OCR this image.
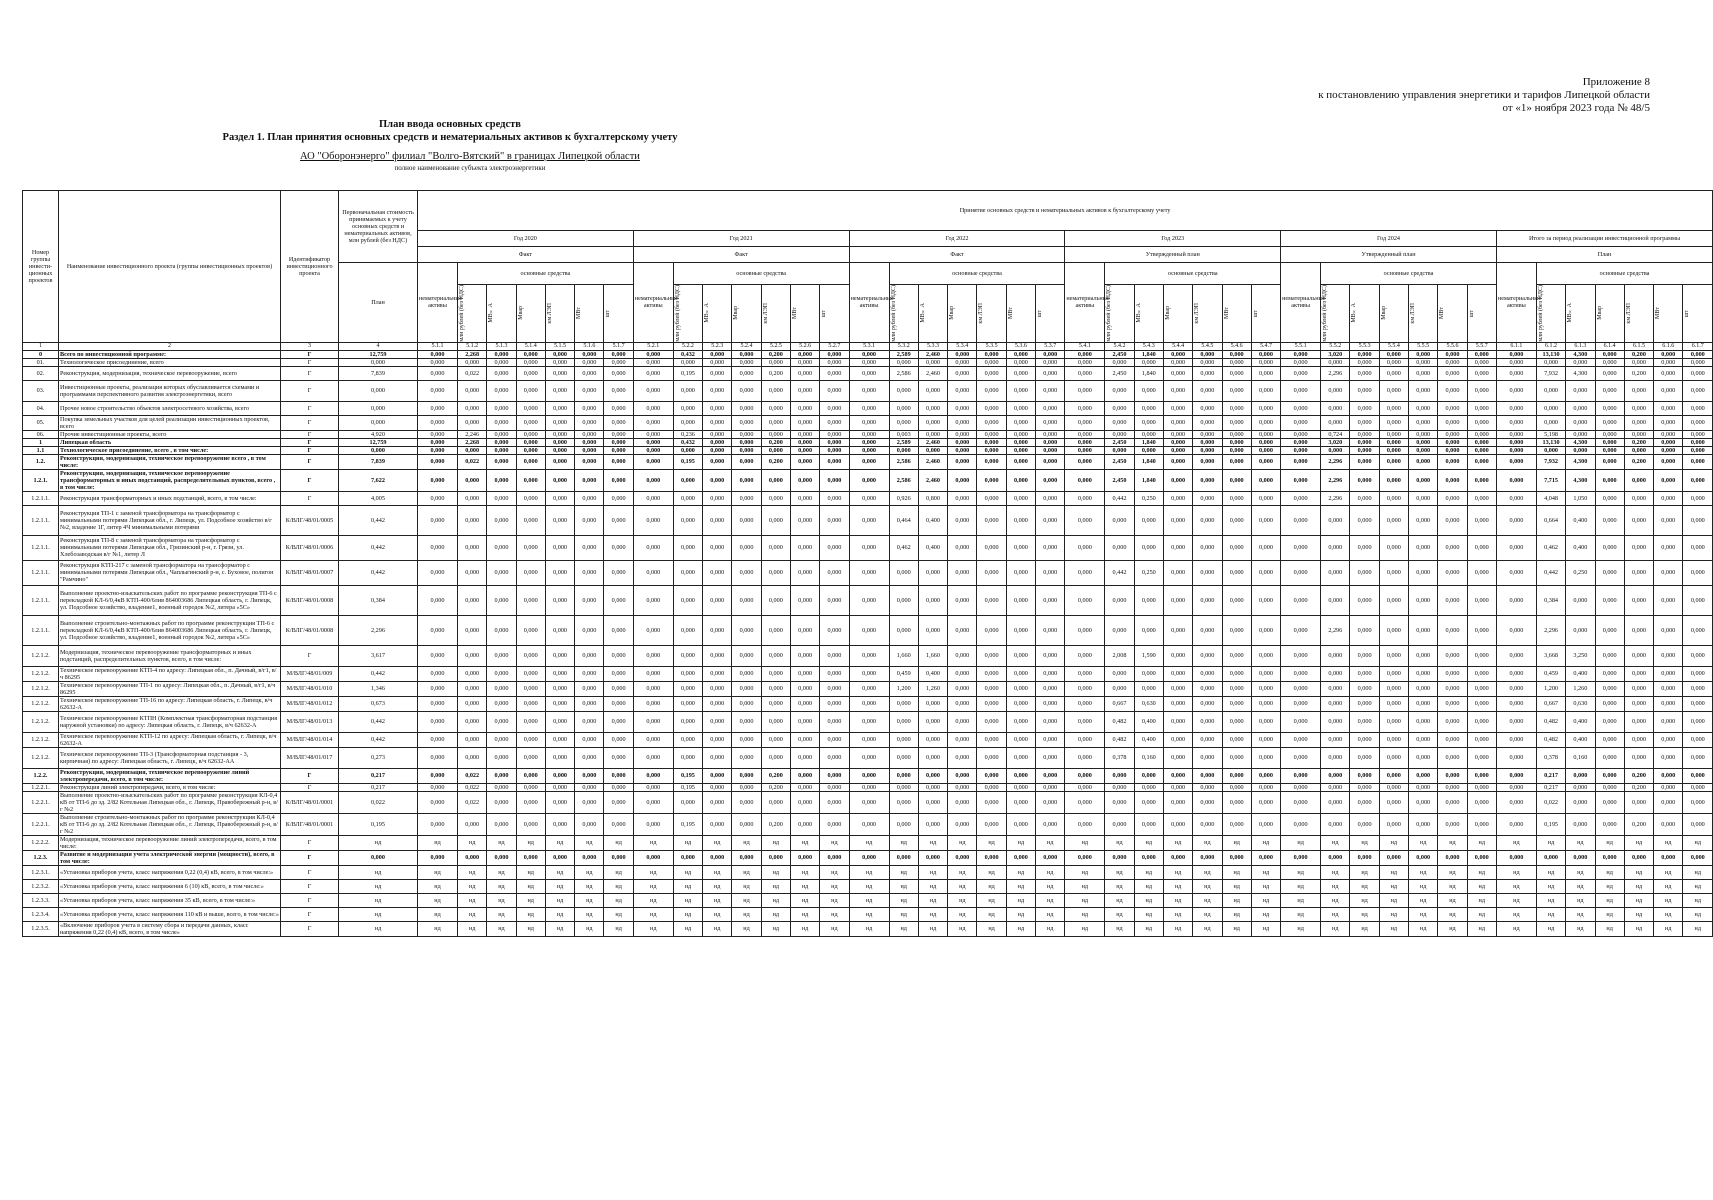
Приложение 8
к постановлению управления энергетики и тарифов Липецкой области
от «1» ноября 2023 года № 48/5
План ввода основных средств
Раздел 1. План принятия основных средств и нематериальных активов к бухгалтерскому учету
АО "Оборонэнерго" филиал "Волго-Вятский" в границах Липецкой области
полное наименование субъекта электроэнергетики
Номер группы инвести-ционных проектов	Наименование инвестиционного проекта (группы инвестиционных проектов)	Идентификатор инвестиционного проекта	Первоначальная стоимость принимаемых к учету основных средств и нематериальных активов, млн рублей (без НДС)	Принятие основных средств и нематериальных активов к бухгалтерскому учету																																									
				Год 2020							Год 2021							Год 2022							Год 2023							Год 2024							Итого за период реализации инвестиционной программы						
				Факт							Факт							Факт							Утвержденный план							Утвержденный план							План						
			План	нематериальные активы	основные средства						нематериальные активы	основные средства						нематериальные активы	основные средства						нематериальные активы	основные средства						нематериальные активы	основные средства						нематериальные активы	основные средства					

					млн рублей (без НДС)	МВ×А	Мвар	км ЛЭП	МВт	шт		млн рублей (без НДС)	МВ×А	Мвар	км ЛЭП	МВт	шт		млн рублей (без НДС)	МВ×А	Мвар	км ЛЭП	МВт	шт		млн рублей (без НДС)	МВ×А	Мвар	км ЛЭП	МВт	шт		млн рублей (без НДС)	МВ×А	Мвар	км ЛЭП	МВт	шт		млн рублей (без НДС)	МВ×А	Мвар	км ЛЭП	МВт	шт

1	2	3	4	5.1.1	5.1.2	5.1.3	5.1.4	5.1.5	5.1.6	5.1.7	5.2.1	5.2.2	5.2.3	5.2.4	5.2.5	5.2.6	5.2.7	5.3.1	5.3.2	5.3.3	5.3.4	5.3.5	5.3.6	5.3.7	5.4.1	5.4.2	5.4.3	5.4.4	5.4.5	5.4.6	5.4.7	5.5.1	5.5.2	5.5.3	5.5.4	5.5.5	5.5.6	5.5.7	6.1.1	6.1.2	6.1.3	6.1.4	6.1.5	6.1.6	6.1.7
0	Всего по инвестиционной программе:	Г	12,759	0,000	2,268	0,000	0,000	0,000	0,000	0,000	0,000	0,432	0,000	0,000	0,200	0,000	0,000	0,000	2,589	2,460	0,000	0,000	0,000	0,000	0,000	2,450	1,840	0,000	0,000	0,000	0,000	0,000	3,020	0,000	0,000	0,000	0,000	0,000	0,000	13,130	4,300	0,000	0,200	0,000	0,000
01.	Технологическое присоединение, всего	Г	0,000	0,000	0,000	0,000	0,000	0,000	0,000	0,000	0,000	0,000	0,000	0,000	0,000	0,000	0,000	0,000	0,000	0,000	0,000	0,000	0,000	0,000	0,000	0,000	0,000	0,000	0,000	0,000	0,000	0,000	0,000	0,000	0,000	0,000	0,000	0,000	0,000	0,000	0,000	0,000	0,000	0,000	0,000
02.	Реконструкция, модернизация, техническое перевооружение, всего	Г	7,839	0,000	0,022	0,000	0,000	0,000	0,000	0,000	0,000	0,195	0,000	0,000	0,200	0,000	0,000	0,000	2,586	2,460	0,000	0,000	0,000	0,000	0,000	2,450	1,840	0,000	0,000	0,000	0,000	0,000	2,296	0,000	0,000	0,000	0,000	0,000	0,000	7,932	4,300	0,000	0,200	0,000	0,000
03.	Инвестиционные проекты, реализация которых обуславливается схемами и программами перспективного развития электроэнергетики, всего	Г	0,000	0,000	0,000	0,000	0,000	0,000	0,000	0,000	0,000	0,000	0,000	0,000	0,000	0,000	0,000	0,000	0,000	0,000	0,000	0,000	0,000	0,000	0,000	0,000	0,000	0,000	0,000	0,000	0,000	0,000	0,000	0,000	0,000	0,000	0,000	0,000	0,000	0,000	0,000	0,000	0,000	0,000	0,000
04.	Прочее новое строительство объектов электросетевого хозяйства, всего	Г	0,000	0,000	0,000	0,000	0,000	0,000	0,000	0,000	0,000	0,000	0,000	0,000	0,000	0,000	0,000	0,000	0,000	0,000	0,000	0,000	0,000	0,000	0,000	0,000	0,000	0,000	0,000	0,000	0,000	0,000	0,000	0,000	0,000	0,000	0,000	0,000	0,000	0,000	0,000	0,000	0,000	0,000	0,000
05.	Покупка земельных участков для целей реализации инвестиционных проектов, всего	Г	0,000	0,000	0,000	0,000	0,000	0,000	0,000	0,000	0,000	0,000	0,000	0,000	0,000	0,000	0,000	0,000	0,000	0,000	0,000	0,000	0,000	0,000	0,000	0,000	0,000	0,000	0,000	0,000	0,000	0,000	0,000	0,000	0,000	0,000	0,000	0,000	0,000	0,000	0,000	0,000	0,000	0,000	0,000
06.	Прочие инвестиционные проекты, всего	Г	4,920	0,000	2,246	0,000	0,000	0,000	0,000	0,000	0,000	0,236	0,000	0,000	0,000	0,000	0,000	0,000	0,003	0,000	0,000	0,000	0,000	0,000	0,000	0,000	0,000	0,000	0,000	0,000	0,000	0,000	0,724	0,000	0,000	0,000	0,000	0,000	0,000	5,198	0,000	0,000	0,000	0,000	0,000
1	Липецкая область	Г	12,759	0,000	2,268	0,000	0,000	0,000	0,000	0,000	0,000	0,432	0,000	0,000	0,200	0,000	0,000	0,000	2,589	2,460	0,000	0,000	0,000	0,000	0,000	2,450	1,840	0,000	0,000	0,000	0,000	0,000	3,020	0,000	0,000	0,000	0,000	0,000	0,000	13,130	4,300	0,000	0,200	0,000	0,000
1.1	Технологическое присоединение, всего , в том числе:	Г	0,000	0,000	0,000	0,000	0,000	0,000	0,000	0,000	0,000	0,000	0,000	0,000	0,000	0,000	0,000	0,000	0,000	0,000	0,000	0,000	0,000	0,000	0,000	0,000	0,000	0,000	0,000	0,000	0,000	0,000	0,000	0,000	0,000	0,000	0,000	0,000	0,000	0,000	0,000	0,000	0,000	0,000	0,000
1.2.	Реконструкция, модернизация, техническое перевооружение всего , в том числе:	Г	7,839	0,000	0,022	0,000	0,000	0,000	0,000	0,000	0,000	0,195	0,000	0,000	0,200	0,000	0,000	0,000	2,586	2,460	0,000	0,000	0,000	0,000	0,000	2,450	1,840	0,000	0,000	0,000	0,000	0,000	2,296	0,000	0,000	0,000	0,000	0,000	0,000	7,932	4,300	0,000	0,200	0,000	0,000
1.2.1.	Реконструкция, модернизация, техническое перевооружение трансформаторных и иных подстанций, распределительных пунктов, всего , в том числе:	Г	7,622	0,000	0,000	0,000	0,000	0,000	0,000	0,000	0,000	0,000	0,000	0,000	0,000	0,000	0,000	0,000	2,586	2,460	0,000	0,000	0,000	0,000	0,000	2,450	1,840	0,000	0,000	0,000	0,000	0,000	2,296	0,000	0,000	0,000	0,000	0,000	0,000	7,715	4,300	0,000	0,000	0,000	0,000
1.2.1.1.	Реконструкция трансформаторных и иных подстанций, всего, в том числе:	Г	4,005	0,000	0,000	0,000	0,000	0,000	0,000	0,000	0,000	0,000	0,000	0,000	0,000	0,000	0,000	0,000	0,926	0,800	0,000	0,000	0,000	0,000	0,000	0,442	0,250	0,000	0,000	0,000	0,000	0,000	2,296	0,000	0,000	0,000	0,000	0,000	0,000	4,048	1,050	0,000	0,000	0,000	0,000
1.2.1.1.	Реконструкция ТП-1 с заменой трансформатора на трансформатор с минимальными потерями Липецкая обл., г. Липецк, ул. Подсобное хозяйство в/г №2, владение 1Г, литер 4Ч минимальными потерями	К/ВЛГ/48/01/0005	0,442	0,000	0,000	0,000	0,000	0,000	0,000	0,000	0,000	0,000	0,000	0,000	0,000	0,000	0,000	0,000	0,464	0,400	0,000	0,000	0,000	0,000	0,000	0,000	0,000	0,000	0,000	0,000	0,000	0,000	0,000	0,000	0,000	0,000	0,000	0,000	0,000	0,664	0,400	0,000	0,000	0,000	0,000
1.2.1.1.	Реконструкция ТП-8 с заменой трансформатора на трансформатор с минимальными потерями Липецкая обл., Грязинский р-н, г. Грязи, ул. Хлебозаводская в/г №1, литер Л	К/ВЛГ/48/01/0006	0,442	0,000	0,000	0,000	0,000	0,000	0,000	0,000	0,000	0,000	0,000	0,000	0,000	0,000	0,000	0,000	0,462	0,400	0,000	0,000	0,000	0,000	0,000	0,000	0,000	0,000	0,000	0,000	0,000	0,000	0,000	0,000	0,000	0,000	0,000	0,000	0,000	0,462	0,400	0,000	0,000	0,000	0,000
1.2.1.1.	Реконструкция КТП-217 с заменой трансформатора на трансформатор с минимальными потерями Липецкая обл., Чаплыгинский р-н, с. Буховое, полигон "Рамчино"	К/ВЛГ/48/01/0007	0,442	0,000	0,000	0,000	0,000	0,000	0,000	0,000	0,000	0,000	0,000	0,000	0,000	0,000	0,000	0,000	0,000	0,000	0,000	0,000	0,000	0,000	0,000	0,442	0,250	0,000	0,000	0,000	0,000	0,000	0,000	0,000	0,000	0,000	0,000	0,000	0,000	0,442	0,250	0,000	0,000	0,000	0,000
1.2.1.1.	Выполнение проектно-изыскательских работ по программе реконструкция ТП-6 с перекладкой КЛ-6/0,4кВ КТП-400/6лив 864003686 Липецкая область, г. Липецк, ул. Подсобное хозяйство, владение1, военный городок №2, литера «5С»	К/ВЛГ/48/01/0008	0,384	0,000	0,000	0,000	0,000	0,000	0,000	0,000	0,000	0,000	0,000	0,000	0,000	0,000	0,000	0,000	0,000	0,000	0,000	0,000	0,000	0,000	0,000	0,000	0,000	0,000	0,000	0,000	0,000	0,000	0,000	0,000	0,000	0,000	0,000	0,000	0,000	0,384	0,000	0,000	0,000	0,000	0,000
1.2.1.1.	Выполнение строительно-монтажных работ по программе реконструкция ТП-6 с перекладкой КЛ-6/0,4кВ КТП-400/6лив 864003686 Липецкая область, г. Липецк, ул. Подсобное хозяйство, владение1, военный городок №2, литера «5С»	К/ВЛГ/48/01/0008	2,296	0,000	0,000	0,000	0,000	0,000	0,000	0,000	0,000	0,000	0,000	0,000	0,000	0,000	0,000	0,000	0,000	0,000	0,000	0,000	0,000	0,000	0,000	0,000	0,000	0,000	0,000	0,000	0,000	0,000	2,296	0,000	0,000	0,000	0,000	0,000	0,000	2,296	0,000	0,000	0,000	0,000	0,000
1.2.1.2.	Модернизация, техническое перевооружение трансформаторных и иных подстанций, распределительных пунктов, всего, в том числе:	Г	3,617	0,000	0,000	0,000	0,000	0,000	0,000	0,000	0,000	0,000	0,000	0,000	0,000	0,000	0,000	0,000	1,660	1,660	0,000	0,000	0,000	0,000	0,000	2,008	1,590	0,000	0,000	0,000	0,000	0,000	0,000	0,000	0,000	0,000	0,000	0,000	0,000	3,668	3,250	0,000	0,000	0,000	0,000
1.2.1.2.	Техническое перевооружение КТП-4 по адресу: Липецкая обл., п. Дачный, в/г1, в/ч 86295	М/ВЛГ/48/01/009	0,442	0,000	0,000	0,000	0,000	0,000	0,000	0,000	0,000	0,000	0,000	0,000	0,000	0,000	0,000	0,000	0,459	0,400	0,000	0,000	0,000	0,000	0,000	0,000	0,000	0,000	0,000	0,000	0,000	0,000	0,000	0,000	0,000	0,000	0,000	0,000	0,000	0,459	0,400	0,000	0,000	0,000	0,000
1.2.1.2.	Техническое перевооружение ТП-1 по адресу: Липецкая обл., п. Дачный, в/г1, в/ч 86295	М/ВЛГ/48/01/010	1,346	0,000	0,000	0,000	0,000	0,000	0,000	0,000	0,000	0,000	0,000	0,000	0,000	0,000	0,000	0,000	1,200	1,260	0,000	0,000	0,000	0,000	0,000	0,000	0,000	0,000	0,000	0,000	0,000	0,000	0,000	0,000	0,000	0,000	0,000	0,000	0,000	1,200	1,260	0,000	0,000	0,000	0,000
1.2.1.2.	Техническое перевооружение ТП-16 по адресу: Липецкая область, г. Липецк, в/ч 62632-А	М/ВЛГ/48/01/012	0,673	0,000	0,000	0,000	0,000	0,000	0,000	0,000	0,000	0,000	0,000	0,000	0,000	0,000	0,000	0,000	0,000	0,000	0,000	0,000	0,000	0,000	0,000	0,667	0,630	0,000	0,000	0,000	0,000	0,000	0,000	0,000	0,000	0,000	0,000	0,000	0,000	0,667	0,630	0,000	0,000	0,000	0,000
1.2.1.2.	Техническое перевооружение КТПН (Комплектная трансформаторная подстанция наружной установки) по адресу: Липецкая область, г. Липецк, в/ч 62632-А	М/ВЛГ/48/01/013	0,442	0,000	0,000	0,000	0,000	0,000	0,000	0,000	0,000	0,000	0,000	0,000	0,000	0,000	0,000	0,000	0,000	0,000	0,000	0,000	0,000	0,000	0,000	0,482	0,400	0,000	0,000	0,000	0,000	0,000	0,000	0,000	0,000	0,000	0,000	0,000	0,000	0,482	0,400	0,000	0,000	0,000	0,000
1.2.1.2.	Техническое перевооружение КТП-12 по адресу: Липецкая область, г. Липецк, в/ч 62632-А	М/ВЛГ/48/01/014	0,442	0,000	0,000	0,000	0,000	0,000	0,000	0,000	0,000	0,000	0,000	0,000	0,000	0,000	0,000	0,000	0,000	0,000	0,000	0,000	0,000	0,000	0,000	0,482	0,400	0,000	0,000	0,000	0,000	0,000	0,000	0,000	0,000	0,000	0,000	0,000	0,000	0,482	0,400	0,000	0,000	0,000	0,000
1.2.1.2.	Техническое перевооружение ТП-3 (Трансформаторная подстанция - 3, кирпичная) по адресу: Липецкая область, г. Липецк, в/ч 62632-АА	М/ВЛГ/48/01/017	0,273	0,000	0,000	0,000	0,000	0,000	0,000	0,000	0,000	0,000	0,000	0,000	0,000	0,000	0,000	0,000	0,000	0,000	0,000	0,000	0,000	0,000	0,000	0,378	0,160	0,000	0,000	0,000	0,000	0,000	0,000	0,000	0,000	0,000	0,000	0,000	0,000	0,378	0,160	0,000	0,000	0,000	0,000
1.2.2.	Реконструкция, модернизация, техническое перевооружение линий электропередачи, всего, в том числе:	Г	0,217	0,000	0,022	0,000	0,000	0,000	0,000	0,000	0,000	0,195	0,000	0,000	0,200	0,000	0,000	0,000	0,000	0,000	0,000	0,000	0,000	0,000	0,000	0,000	0,000	0,000	0,000	0,000	0,000	0,000	0,000	0,000	0,000	0,000	0,000	0,000	0,000	0,217	0,000	0,000	0,200	0,000	0,000
1.2.2.1.	Реконструкция линий электропередачи, всего, в том числе:	Г	0,217	0,000	0,022	0,000	0,000	0,000	0,000	0,000	0,000	0,195	0,000	0,000	0,200	0,000	0,000	0,000	0,000	0,000	0,000	0,000	0,000	0,000	0,000	0,000	0,000	0,000	0,000	0,000	0,000	0,000	0,000	0,000	0,000	0,000	0,000	0,000	0,000	0,217	0,000	0,000	0,200	0,000	0,000
1.2.2.1.	Выполнение проектно-изыскательских работ по программе реконструкция КЛ-0,4 кВ от ТП-6 до зд. 2/82 Котельная Липецкая обл., г. Липецк, Правобережный р-н, в/г №2	К/ВЛГ/48/01/0001	0,022	0,000	0,022	0,000	0,000	0,000	0,000	0,000	0,000	0,000	0,000	0,000	0,000	0,000	0,000	0,000	0,000	0,000	0,000	0,000	0,000	0,000	0,000	0,000	0,000	0,000	0,000	0,000	0,000	0,000	0,000	0,000	0,000	0,000	0,000	0,000	0,000	0,022	0,000	0,000	0,000	0,000	0,000
1.2.2.1.	Выполнение строительно-монтажных работ по программе реконструкция КЛ-0,4 кВ от ТП-6 до зд. 2/82 Котельная Липецкая обл., г. Липецк, Правобережный р-н, в/г №2	К/ВЛГ/48/01/0001	0,195	0,000	0,000	0,000	0,000	0,000	0,000	0,000	0,000	0,195	0,000	0,000	0,200	0,000	0,000	0,000	0,000	0,000	0,000	0,000	0,000	0,000	0,000	0,000	0,000	0,000	0,000	0,000	0,000	0,000	0,000	0,000	0,000	0,000	0,000	0,000	0,000	0,195	0,000	0,000	0,200	0,000	0,000
1.2.2.2.	Модернизация, техническое перевооружение линий электропередачи, всего, в том числе:	Г	нд	нд	нд	нд	нд	нд	нд	нд	нд	нд	нд	нд	нд	нд	нд	нд	нд	нд	нд	нд	нд	нд	нд	нд	нд	нд	нд	нд	нд	нд	нд	нд	нд	нд	нд	нд	нд	нд	нд	нд	нд	нд	нд
1.2.3.	Развитие и модернизация учета электрической энергии (мощности), всего, в том числе:	Г	0,000	0,000	0,000	0,000	0,000	0,000	0,000	0,000	0,000	0,000	0,000	0,000	0,000	0,000	0,000	0,000	0,000	0,000	0,000	0,000	0,000	0,000	0,000	0,000	0,000	0,000	0,000	0,000	0,000	0,000	0,000	0,000	0,000	0,000	0,000	0,000	0,000	0,000	0,000	0,000	0,000	0,000	0,000
1.2.3.1.	«Установка приборов учета, класс напряжения 0,22 (0,4) кВ, всего, в том числе:»	Г	нд	нд	нд	нд	нд	нд	нд	нд	нд	нд	нд	нд	нд	нд	нд	нд	нд	нд	нд	нд	нд	нд	нд	нд	нд	нд	нд	нд	нд	нд	нд	нд	нд	нд	нд	нд	нд	нд	нд	нд	нд	нд	нд
1.2.3.2.	«Установка приборов учета, класс напряжения 6 (10) кВ, всего, в том числе:»	Г	нд	нд	нд	нд	нд	нд	нд	нд	нд	нд	нд	нд	нд	нд	нд	нд	нд	нд	нд	нд	нд	нд	нд	нд	нд	нд	нд	нд	нд	нд	нд	нд	нд	нд	нд	нд	нд	нд	нд	нд	нд	нд	нд
1.2.3.3.	«Установка приборов учета, класс напряжения 35 кВ, всего, в том числе:»	Г	нд	нд	нд	нд	нд	нд	нд	нд	нд	нд	нд	нд	нд	нд	нд	нд	нд	нд	нд	нд	нд	нд	нд	нд	нд	нд	нд	нд	нд	нд	нд	нд	нд	нд	нд	нд	нд	нд	нд	нд	нд	нд	нд
1.2.3.4.	«Установка приборов учета, класс напряжения 110 кВ и выше, всего, в том числе:»	Г	нд	нд	нд	нд	нд	нд	нд	нд	нд	нд	нд	нд	нд	нд	нд	нд	нд	нд	нд	нд	нд	нд	нд	нд	нд	нд	нд	нд	нд	нд	нд	нд	нд	нд	нд	нд	нд	нд	нд	нд	нд	нд	нд
1.2.3.5.	«Включение приборов учета в систему сбора и передачи данных, класс напряжения 0,22 (0,4) кВ, всего, в том числе»	Г	нд	нд	нд	нд	нд	нд	нд	нд	нд	нд	нд	нд	нд	нд	нд	нд	нд	нд	нд	нд	нд	нд	нд	нд	нд	нд	нд	нд	нд	нд	нд	нд	нд	нд	нд	нд	нд	нд	нд	нд	нд	нд	нд
